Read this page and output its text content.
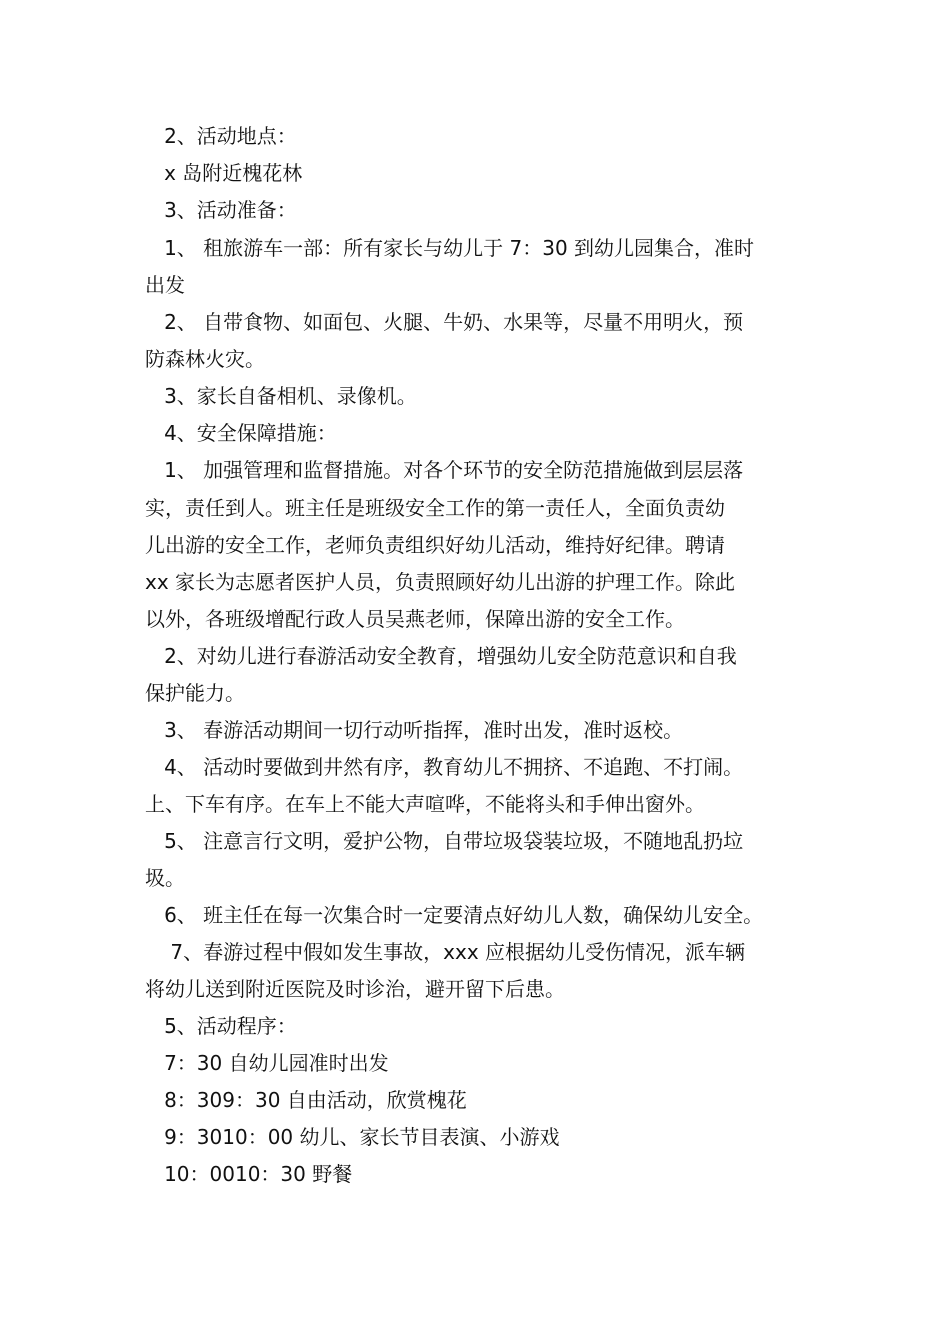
2、活动地点：
x 岛附近槐花林
3、活动准备：
1、 租旅游车一部：所有家长与幼儿于 7：30 到幼儿园集合，准时
出发
2、 自带食物、如面包、火腿、牛奶、水果等，尽量不用明火，预
防森林火灾。
3、家长自备相机、录像机。
4、安全保障措施：
1、 加强管理和监督措施。对各个环节的安全防范措施做到层层落
实，责任到人。班主任是班级安全工作的第一责任人，全面负责幼
儿出游的安全工作，老师负责组织好幼儿活动，维持好纪律。聘请
xx 家长为志愿者医护人员，负责照顾好幼儿出游的护理工作。除此
以外，各班级增配行政人员吴燕老师，保障出游的安全工作。
2、对幼儿进行春游活动安全教育，增强幼儿安全防范意识和自我
保护能力。
3、 春游活动期间一切行动听指挥，准时出发，准时返校。
4、 活动时要做到井然有序，教育幼儿不拥挤、不追跑、不打闹。
上、下车有序。在车上不能大声喧哗，不能将头和手伸出窗外。
5、 注意言行文明，爱护公物，自带垃圾袋装垃圾，不随地乱扔垃
圾。
6、 班主任在每一次集合时一定要清点好幼儿人数，确保幼儿安全。
7、春游过程中假如发生事故，xxx 应根据幼儿受伤情况，派车辆
将幼儿送到附近医院及时诊治，避开留下后患。
5、活动程序：
7：30 自幼儿园准时出发
8：309：30 自由活动，欣赏槐花
9：3010：00 幼儿、家长节目表演、小游戏
10：0010：30 野餐
